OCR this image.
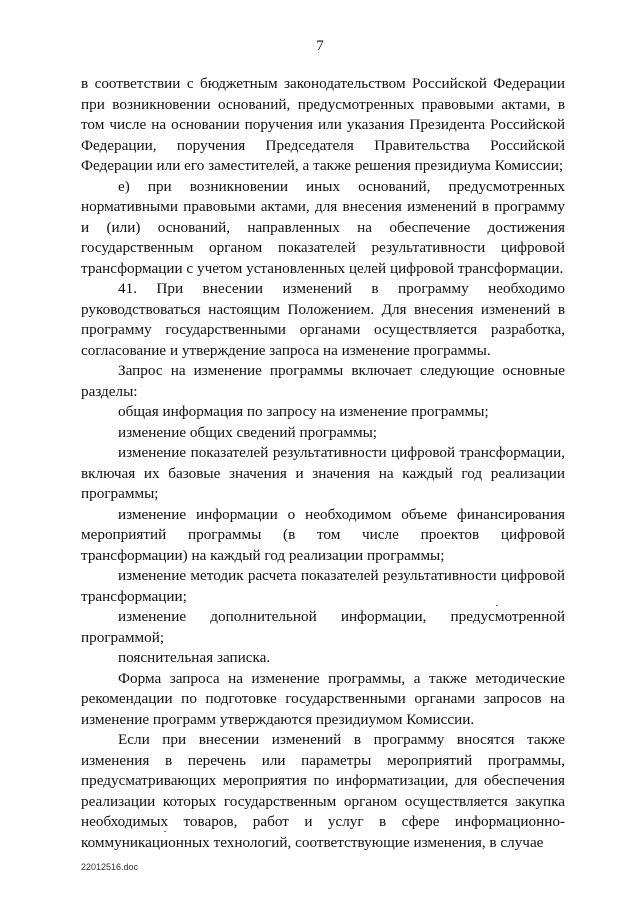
7

в соответствии с бюджетным законодательством Российской Федерации при возникновении оснований, предусмотренных правовыми актами, в том числе на основании поручения или указания Президента Российской Федерации, поручения Председателя Правительства Российской Федерации или его заместителей, а также решения президиума Комиссии;

е) при возникновении иных оснований, предусмотренных нормативными правовыми актами, для внесения изменений в программу и (или) оснований, направленных на обеспечение достижения государственным органом показателей результативности цифровой трансформации с учетом установленных целей цифровой трансформации.

41. При внесении изменений в программу необходимо руководствоваться настоящим Положением. Для внесения изменений в программу государственными органами осуществляется разработка, согласование и утверждение запроса на изменение программы.

Запрос на изменение программы включает следующие основные разделы:

общая информация по запросу на изменение программы;

изменение общих сведений программы;

изменение показателей результативности цифровой трансформации, включая их базовые значения и значения на каждый год реализации программы;

изменение информации о необходимом объеме финансирования мероприятий программы (в том числе проектов цифровой трансформации) на каждый год реализации программы;

изменение методик расчета показателей результативности цифровой трансформации;

изменение дополнительной информации, предусмотренной программой;

пояснительная записка.

Форма запроса на изменение программы, а также методические рекомендации по подготовке государственными органами запросов на изменение программ утверждаются президиумом Комиссии.

Если при внесении изменений в программу вносятся также изменения в перечень или параметры мероприятий программы, предусматривающих мероприятия по информатизации, для обеспечения реализации которых государственным органом осуществляется закупка необходимых товаров, работ и услуг в сфере информационно-коммуникационных технологий, соответствующие изменения, в случае

22012516.doc
